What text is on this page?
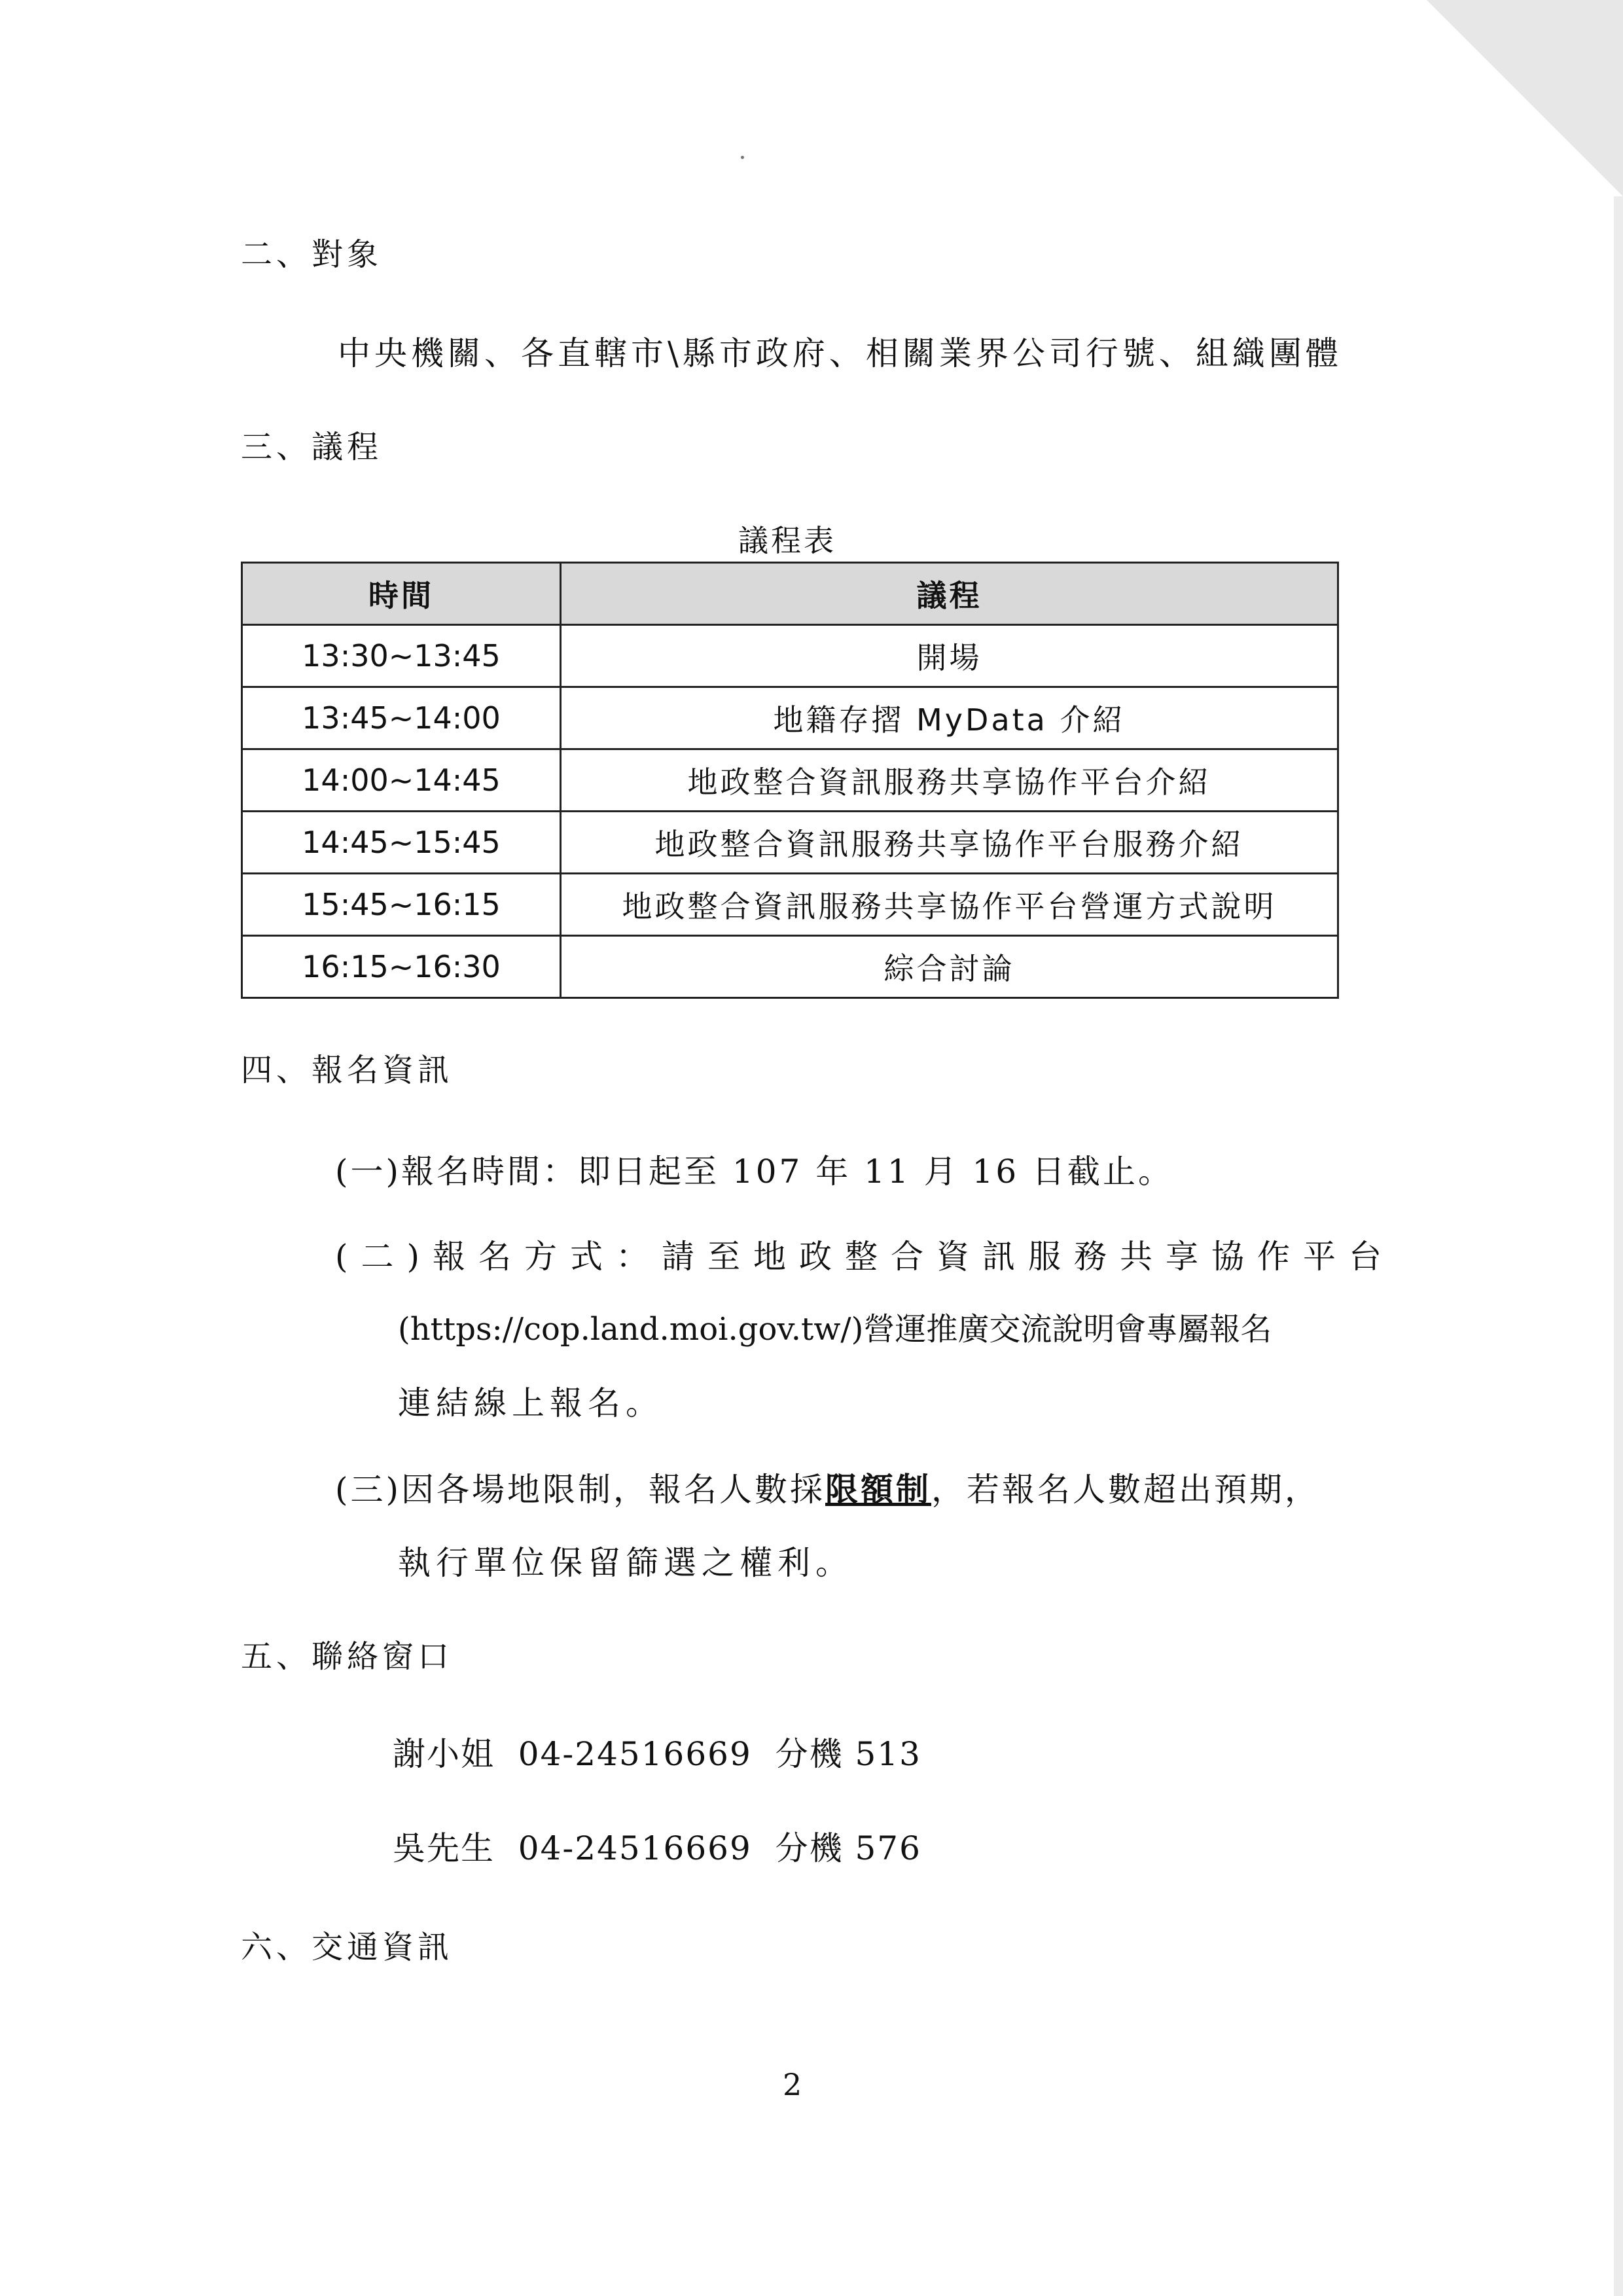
二、對象
中央機關、各直轄市\縣市政府、相關業界公司行號、組織團體
三、議程
議程表
時間	議程
13:30~13:45	開場
13:45~14:00	地籍存摺 MyData 介紹
14:00~14:45	地政整合資訊服務共享協作平台介紹
14:45~15:45	地政整合資訊服務共享協作平台服務介紹
15:45~16:15	地政整合資訊服務共享協作平台營運方式說明
16:15~16:30	綜合討論
四、報名資訊
(一)報名時間：即日起至 107 年 11 月 16 日截止。
(二)報名方式：請至地政整合資訊服務共享協作平台
(https://cop.land.moi.gov.tw/)營運推廣交流說明會專屬報名
連結線上報名。
(三)因各場地限制，報名人數採限額制，若報名人數超出預期，
執行單位保留篩選之權利。
五、聯絡窗口
謝小姐  04-24516669  分機 513
吳先生  04-24516669  分機 576
六、交通資訊
2
